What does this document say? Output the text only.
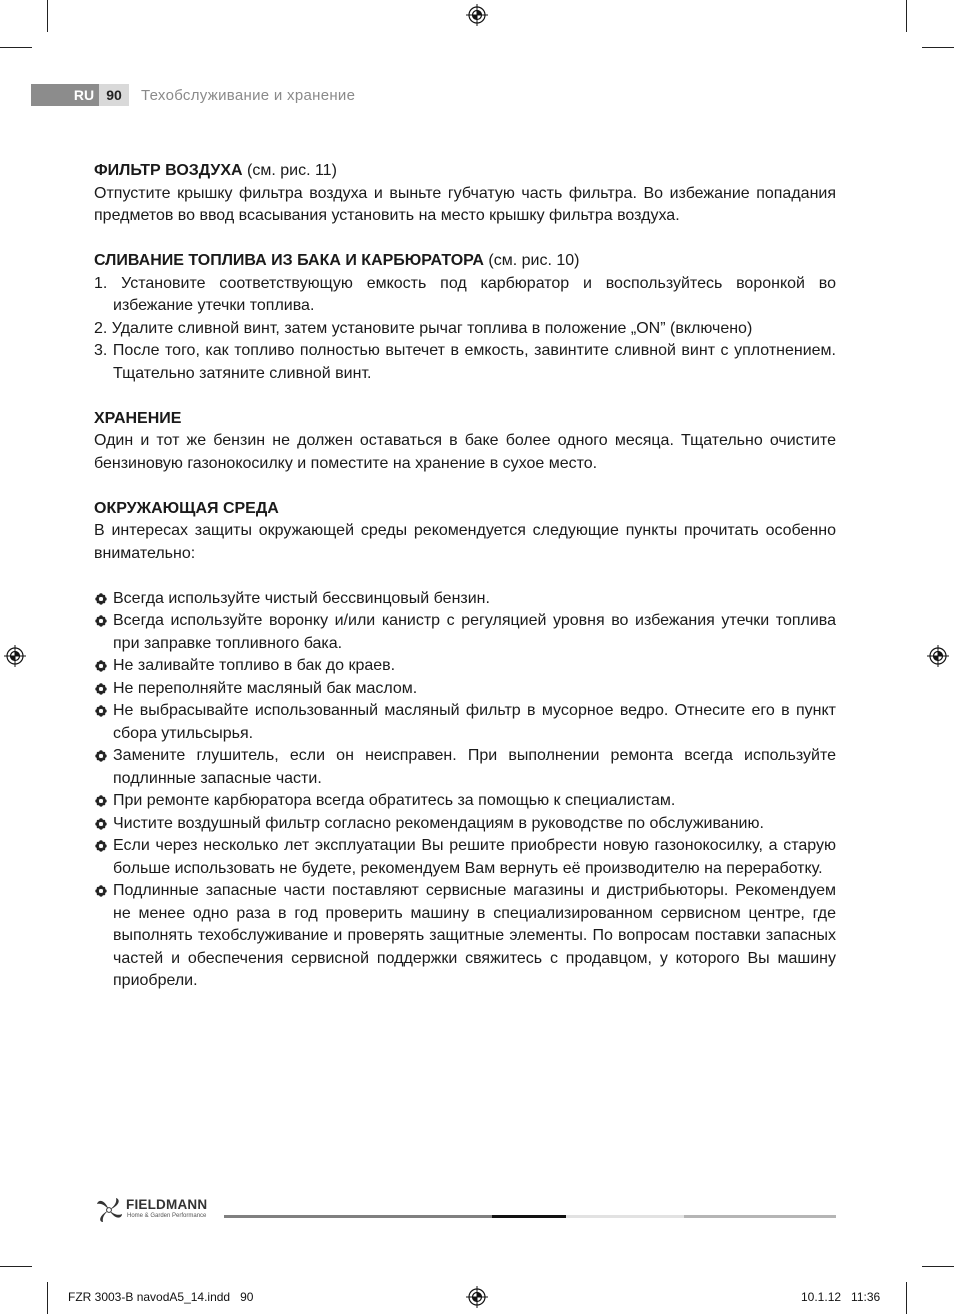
RU 90	Техобслуживание и хранение

ФИЛЬТР ВОЗДУХА (см. рис. 11)

Отпустите крышку фильтра воздуха и выньте губчатую часть фильтра. Во избежание попадания предметов во ввод всасывания установить на место крышку фильтра воздуха.

СЛИВАНИЕ ТОПЛИВА ИЗ БАКА И КАРБЮРАТОРА (см. рис. 10)

1. Установите соответствующую емкость под карбюратор и воспользуйтесь воронкой во избежание утечки топлива.
2. Удалите сливной винт, затем установите рычаг топлива в положение „ON” (включено)
3. После того, как топливо полностью вытечет в емкость, завинтите сливной винт с уплотнением. Тщательно затяните сливной винт.

ХРАНЕНИЕ

Один и тот же бензин не должен оставаться в баке более одного месяца. Тщательно очистите бензиновую газонокосилку и поместите на хранение в сухое место.

ОКРУЖАЮЩАЯ СРЕДА

В интересах защиты окружающей среды рекомендуется следующие пункты прочитать особенно внимательно:

Всегда используйте чистый бессвинцовый бензин.
Всегда используйте воронку и/или канистр с регуляцией уровня во избежания утечки топлива при заправке топливного бака.
Не заливайте топливо в бак до краев.
Не переполняйте масляный бак маслом.
Не выбрасывайте использованный масляный фильтр в мусорное ведро. Отнесите его в пункт сбора утильсырья.
Замените глушитель, если он неисправен. При выполнении ремонта всегда используйте подлинные запасные части.
При ремонте карбюратора всегда обратитесь за помощью к специалистам.
Чистите воздушный фильтр согласно рекомендациям в руководстве по обслуживанию.
Если через несколько лет эксплуатации Вы решите приобрести новую газонокосилку, а старую больше использовать не будете, рекомендуем Вам вернуть её производителю на переработку.
Подлинные запасные части поставляют сервисные магазины и дистрибьюторы. Рекомендуем не менее одно раза в год проверить машину в специализированном сервисном центре, где выполнять техобслуживание и проверять защитные элементы. По вопросам поставки запасных частей и обеспечения сервисной поддержки свяжитесь с продавцом, у которого Вы машину приобрели.
FIELDMANN
Home & Garden Performance
FZR 3003-B navodA5_14.indd   90	10.1.12   11:36
